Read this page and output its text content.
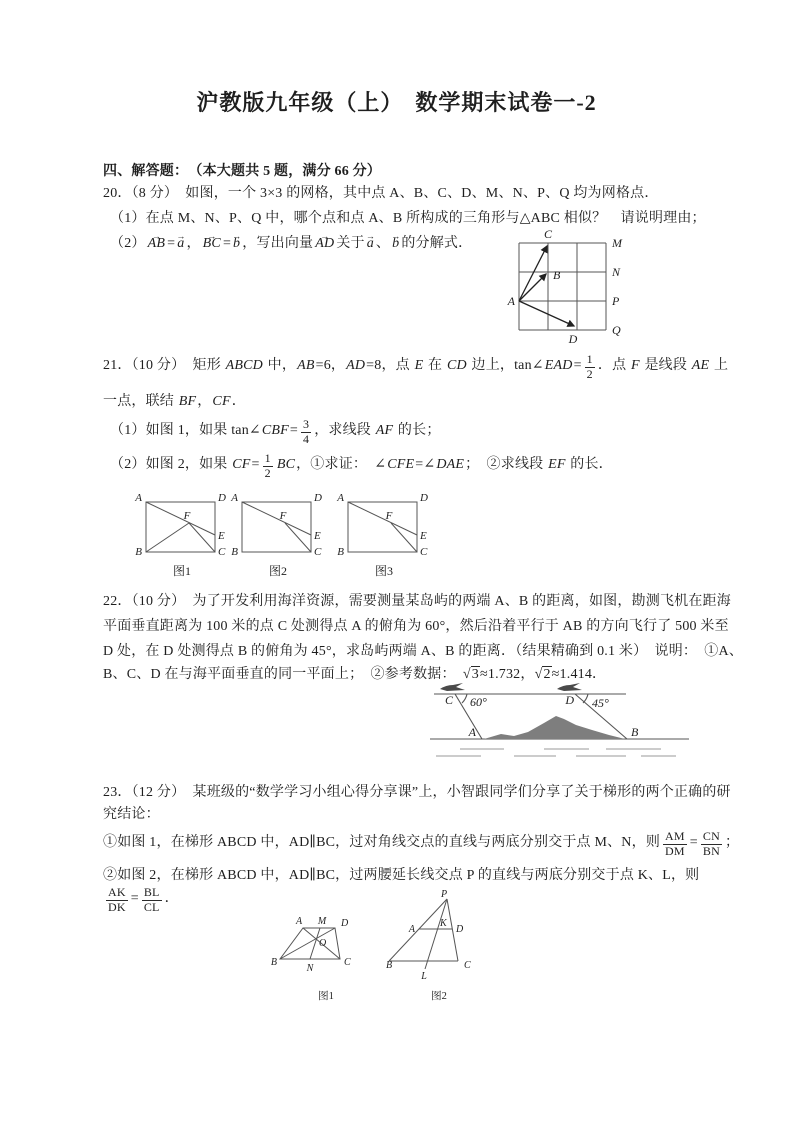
沪教版九年级（上）　数学期末试卷一-2
四、解答题：　（本大题共 5 题，满分 66 分）
20．（8 分）　如图，一个 3×3 的网格，其中点 A、B、C、D、M、N、P、Q 均为网格点．
（1）在点 M、N、P、Q 中，哪个点和点 A、B 所构成的三角形与△ABC 相似？　请说明理由；
（2） AB → = a → ， BC → = b → ，写出向量 AD → 关于 a → 、 b → 的分解式．
C
M
N
P
Q
A
B
D
21．（10 分）　矩形 ABCD 中，AB=6，AD=8，点 E 在 CD 边上，tan∠EAD= $\frac{1}{2}$ ．点 F 是线段 AE 上
一点，联结 BF，CF．
（1）如图 1，如果 tan∠CBF= $\frac{3}{4}$ ，求线段 AF 的长；
（2）如图 2，如果 $CF= \frac{1}{2}$ BC，①求证：　∠CFE=∠DAE；　②求线段 EF 的长．
A	D
B	C
E
F
图1
A	D
B	C
E
F
图2
A	D
B	C
E
F
图3
22．（10 分）　为了开发利用海洋资源，需要测量某岛屿的两端 A、B 的距离，如图，勘测飞机在距海
平面垂直距离为 100 米的点 C 处测得点 A 的俯角为 60°，然后沿着平行于 AB 的方向飞行了 500 米至
D 处，在 D 处测得点 B 的俯角为 45°，求岛屿两端 A、B 的距离．（结果精确到 0.1 米）　说明：　①A、
B、C、D 在与海平面垂直的同一平面上；　②参考数据：　√ 3≈1.732， √ 2≈1.414．
C	D
60°	45°
A	B
23．（12 分）　某班级的“数学学习小组心得分享课”上，小智跟同学们分享了关于梯形的两个正确的研
究结论：
①如图 1，在梯形 ABCD 中，AD∥BC，过对角线交点的直线与两底分别交于点 M、N，则 $\frac{AM}{DM} = \frac{CN}{BN}$ ；
②如图 2，在梯形 ABCD 中，AD∥BC，过两腰延长线交点 P 的直线与两底分别交于点 K、L，则
$\frac{AK}{DK} = \frac{BL}{CL}$ ．
A M D
O
B
N
C
图1
P
A
K
D
B	C
L
图2
